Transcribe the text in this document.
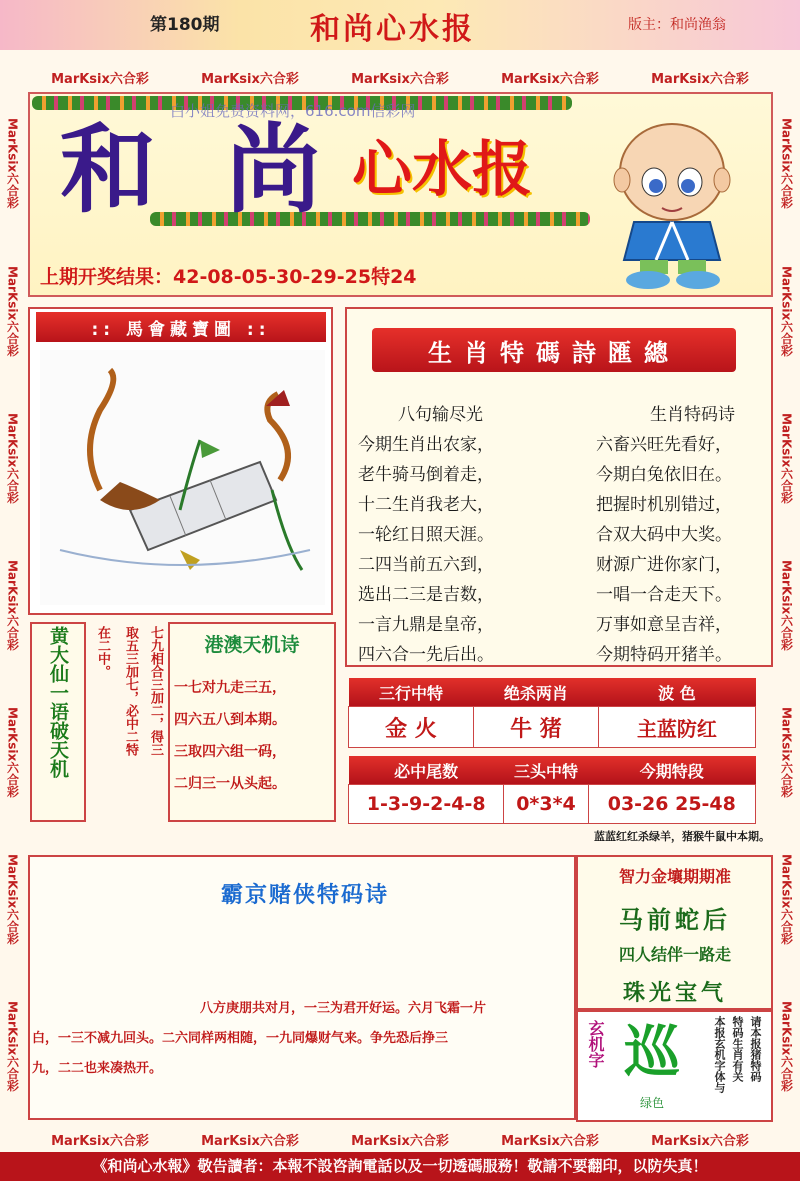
第180期	和尚心水报	版主：和尚渔翁
MarKsix六合彩	MarKsix六合彩	MarKsix六合彩	MarKsix六合彩	MarKsix六合彩
MarKsix六合彩	MarKsix六合彩	MarKsix六合彩	MarKsix六合彩	MarKsix六合彩
MarKsix六合彩
MarKsix六合彩
MarKsix六合彩
MarKsix六合彩
MarKsix六合彩
MarKsix六合彩
MarKsix六合彩
MarKsix六合彩
MarKsix六合彩
MarKsix六合彩
MarKsix六合彩
MarKsix六合彩
MarKsix六合彩
MarKsix六合彩
白小姐免费资料网，616.com信彩网
和 尚 心水报
上期开奖结果：42-08-05-30-29-25特24
:: 馬會藏寶圖 ::
黄大仙一语破天机	七九相合三加二，得三
取五三加七，必中二特
在二中。	港澳天机诗
一七对九走三五，
四六五八到本期。
三取四六组一码，
二归三一从头起。
生肖特碼詩匯總
八句输尽光
今期生肖出农家，
老牛骑马倒着走，
十二生肖我老大，
一轮红日照天涯。
二四当前五六到，
选出二三是吉数，
一言九鼎是皇帝，
四六合一先后出。
生肖特码诗
六畜兴旺先看好，
今期白兔依旧在。
把握时机别错过，
合双大码中大奖。
财源广进你家门，
一唱一合走天下。
万事如意呈吉祥，
今期特码开猪羊。
三行中特	绝杀两肖	波 色
金 火	牛 猪	主蓝防红
必中尾数	三头中特	今期特段
1-3-9-2-4-8	0*3*4	03-26 25-48
蓝蓝红红杀绿羊，猪猴牛鼠中本期。
霸京赌侠特码诗
八方庚朋共对月，一三为君开好运。六月飞霜一片
白，一三不减九回头。二六同样两相随，一九同爆财气来。争先恐后挣三
九，二二也来凑热开。
智力金壤期期准
马前蛇后
四人结伴一路走
珠光宝气
玄机字 巡
绿色
请本报猪特码
特码生肖有关
本报玄机字体与
《和尚心水報》敬告讀者：本報不設咨詢電話以及一切透碼服務！敬請不要翻印，以防失真！
